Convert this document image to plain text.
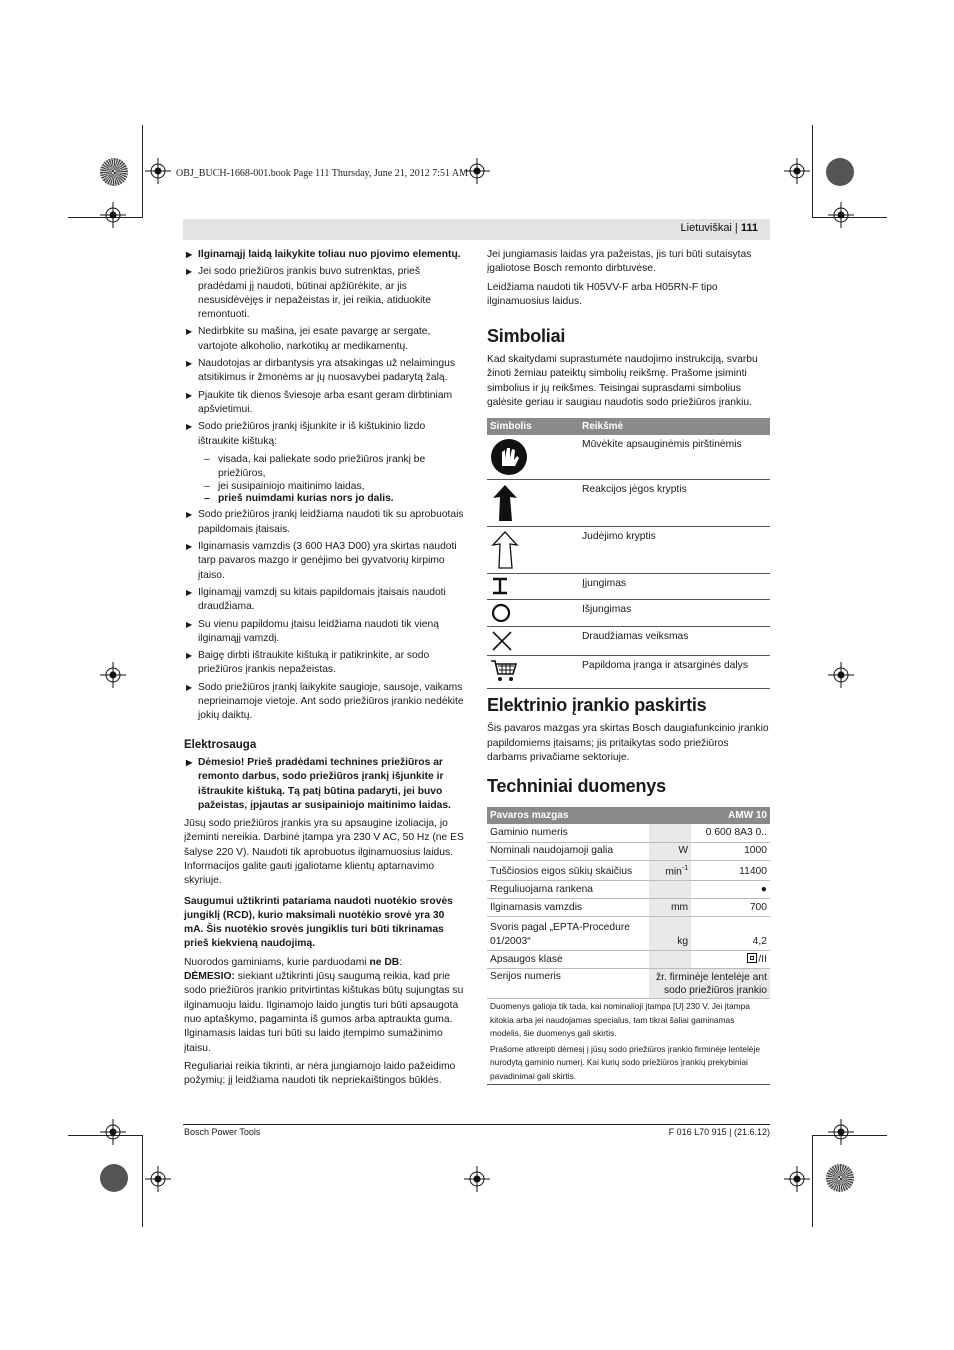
OBJ_BUCH-1668-001.book Page 111 Thursday, June 21, 2012 7:51 AM
Lietuviškai | 111
▶ Ilginamąjį laidą laikykite toliau nuo pjovimo elementų.
▶ Jei sodo priežiūros įrankis buvo sutrenktas, prieš pradėdami jį naudoti, būtinai apžiūrėkite, ar jis nesusidėvėjęs ir nepažeistas ir, jei reikia, atiduokite remontuoti.
▶ Nedirbkite su mašina, jei esate pavargę ar sergate, vartojote alkoholio, narkotikų ar medikamentų.
▶ Naudotojas ar dirbantysis yra atsakingas už nelaimingus atsitikimus ir žmonėms ar jų nuosavybei padarytą žalą.
▶ Pjaukite tik dienos šviesoje arba esant geram dirbtiniam apšvietimui.
▶ Sodo priežiūros įrankį išjunkite ir iš kištukinio lizdo ištraukite kištuką:
– visada, kai paliekate sodo priežiūros įrankį be priežiūros,
– jei susipainiojo maitinimo laidas,
– prieš nuimdami kurias nors jo dalis.
▶ Sodo priežiūros įrankį leidžiama naudoti tik su aprobuotais papildomais įtaisais.
▶ Ilginamasis vamzdis (3 600 HA3 D00) yra skirtas naudoti tarp pavaros mazgo ir genėjimo bei gyvatvorių kirpimo įtaiso.
▶ Ilginamąjį vamzdį su kitais papildomais įtaisais naudoti draudžiama.
▶ Su vienu papildomu įtaisu leidžiama naudoti tik vieną ilginamąjį vamzdį.
▶ Baigę dirbti ištraukite kištuką ir patikrinkite, ar sodo priežiūros įrankis nepažeistas.
▶ Sodo priežiūros įrankį laikykite saugioje, sausoje, vaikams neprieinamoje vietoje. Ant sodo priežiūros įrankio nedėkite jokių daiktų.
Elektrosauga
▶ Dėmesio! Prieš pradėdami technines priežiūros ar remonto darbus, sodo priežiūros įrankį išjunkite ir ištraukite kištuką. Tą patį būtina padaryti, jei buvo pažeistas, įpjautas ar susipainiojo maitinimo laidas.
Jūsų sodo priežiūros įrankis yra su apsaugine izoliacija, jo įžeminti nereikia. Darbinė įtampa yra 230 V AC, 50 Hz (ne ES šalyse 220 V). Naudoti tik aprobuotus ilginamuosius laidus. Informacijos galite gauti įgaliotame klientų aptarnavimo skyriuje.
Saugumui užtikrinti patariama naudoti nuotėkio srovės jungiklį (RCD), kurio maksimali nuotėkio srovė yra 30 mA. Šis nuotėkio srovės jungiklis turi būti tikrinamas prieš kiekvieną naudojimą.
Nuorodos gaminiams, kurie parduodami ne DB:
DĖMESIO: siekiant užtikrinti jūsų saugumą reikia, kad prie sodo priežiūros įrankio pritvirtintas kištukas būtų sujungtas su ilginamuoju laidu. Ilginamojo laido jungtis turi būti apsaugota nuo aptaškymo, pagaminta iš gumos arba aptraukta guma. Ilginamasis laidas turi būti su laido įtempimo sumažinimo įtaisu.
Reguliariai reikia tikrinti, ar nėra jungiamojo laido pažeidimo požymių; jį leidžiama naudoti tik nepriekaištingos būklės.
Jei jungiamasis laidas yra pažeistas, jis turi būti sutaisytas įgaliotose Bosch remonto dirbtuvėse.
Leidžiama naudoti tik H05VV-F arba H05RN-F tipo ilginamuosius laidus.
Simboliai
Kad skaitydami suprastumėte naudojimo instrukciją, svarbu žinoti žemiau pateiktų simbolių reikšmę. Prašome įsiminti simbolius ir jų reikšmes. Teisingai suprasdami simbolius galėsite geriau ir saugiau naudotis sodo priežiūros įrankiu.
Simbolis	Reikšmė

	Mūvėkite apsauginėmis pirštinėmis

	Reakcijos jėgos kryptis

	Judėjimo kryptis

	Įjungimas

	Išjungimas

	Draudžiamas veiksmas

	Papildoma įranga ir atsarginės dalys
Elektrinio įrankio paskirtis
Šis pavaros mazgas yra skirtas Bosch daugiafunkcinio įrankio papildomiems įtaisams; jis pritaikytas sodo priežiūros darbams privačiame sektoriuje.
Techniniai duomenys
Pavaros mazgas		AMW 10
Gaminio numeris		0 600 8A3 0..
Nominali naudojamoji galia	W	1000
Tuščiosios eigos sūkių skaičius	$\min^{-1}$	11400
Reguliuojama rankena		●
Ilginamasis vamzdis	mm	700
Svoris pagal „EPTA-Procedure 01/2003“	kg	4,2
Apsaugos klasė		/II
Serijos numeris	žr. firminėje lentelėje ant sodo priežiūros įrankio	
Duomenys galioja tik tada, kai nominalioji įtampa [U] 230 V. Jei įtampa kitokia arba jei naudojamas specialus, tam tikrai šaliai gaminamas modelis, šie duomenys gali skirtis.		
Prašome atkreipti dėmesį į jūsų sodo priežiūros įrankio firminėje lentelėje nurodytą gaminio numerį. Kai kurių sodo priežiūros įrankių prekybiniai pavadinimai gali skirtis.		
Bosch Power Tools	F 016 L70 915 | (21.6.12)
